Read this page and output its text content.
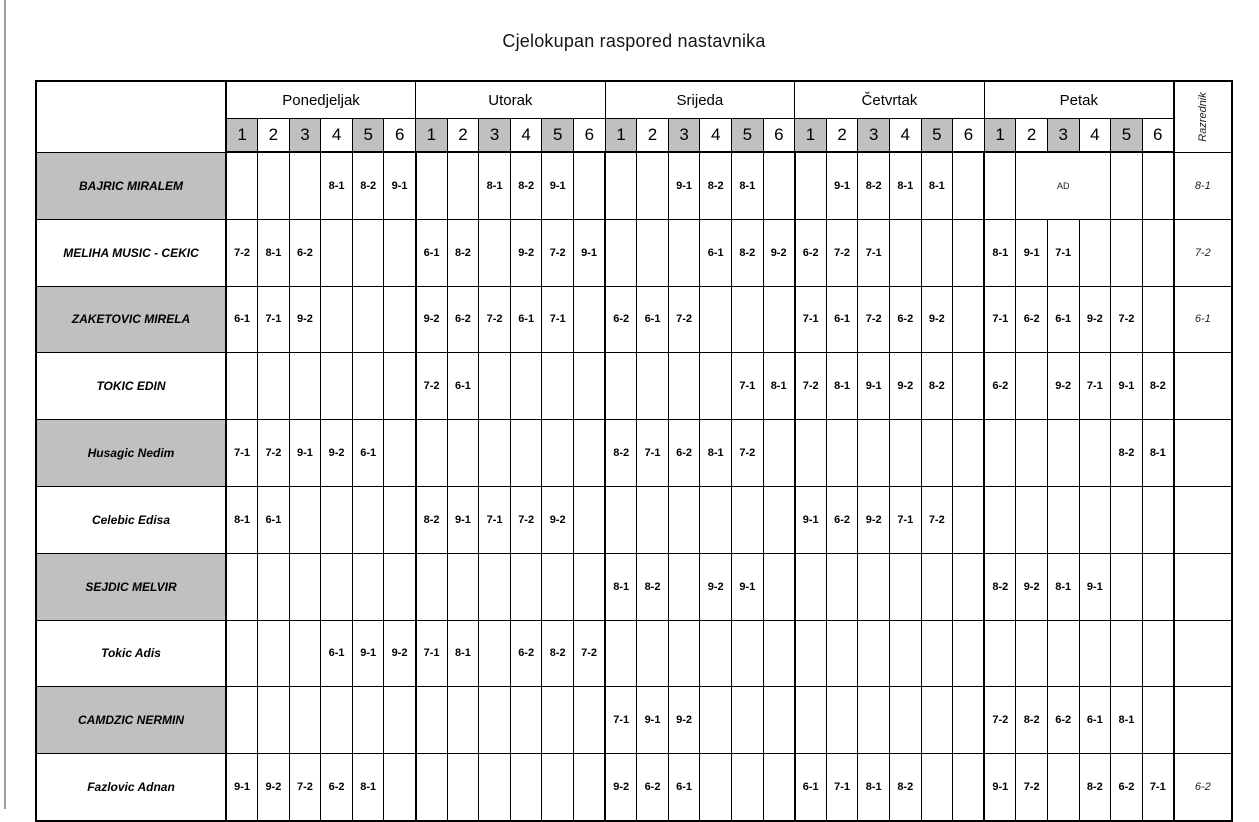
Cjelokupan raspored nastavnika
	Ponedjeljak						Utorak						Srijeda						Četvrtak						Petak						Razrednik

	1	2	3	4	5	6	1	2	3	4	5	6	1	2	3	4	5	6	1	2	3	4	5	6	1	2	3	4	5	6	
BAJRIC MIRALEM				8-1	8-2	9-1			8-1	8-2	9-1				9-1	8-2	8-1			9-1	8-2	8-1	8-1			AD					8-1
MELIHA MUSIC - CEKIC	7-2	8-1	6-2				6-1	8-2		9-2	7-2	9-1				6-1	8-2	9-2	6-2	7-2	7-1				8-1	9-1	7-1				7-2
ZAKETOVIC MIRELA	6-1	7-1	9-2				9-2	6-2	7-2	6-1	7-1		6-2	6-1	7-2				7-1	6-1	7-2	6-2	9-2		7-1	6-2	6-1	9-2	7-2		6-1
TOKIC EDIN							7-2	6-1									7-1	8-1	7-2	8-1	9-1	9-2	8-2		6-2		9-2	7-1	9-1	8-2	
Husagic Nedim	7-1	7-2	9-1	9-2	6-1								8-2	7-1	6-2	8-1	7-2												8-2	8-1	
Celebic Edisa	8-1	6-1					8-2	9-1	7-1	7-2	9-2								9-1	6-2	9-2	7-1	7-2								
SEJDIC MELVIR													8-1	8-2		9-2	9-1								8-2	9-2	8-1	9-1			
Tokic Adis				6-1	9-1	9-2	7-1	8-1		6-2	8-2	7-2																			
CAMDZIC NERMIN													7-1	9-1	9-2										7-2	8-2	6-2	6-1	8-1		
Fazlovic Adnan	9-1	9-2	7-2	6-2	8-1								9-2	6-2	6-1				6-1	7-1	8-1	8-2			9-1	7-2		8-2	6-2	7-1	6-2
